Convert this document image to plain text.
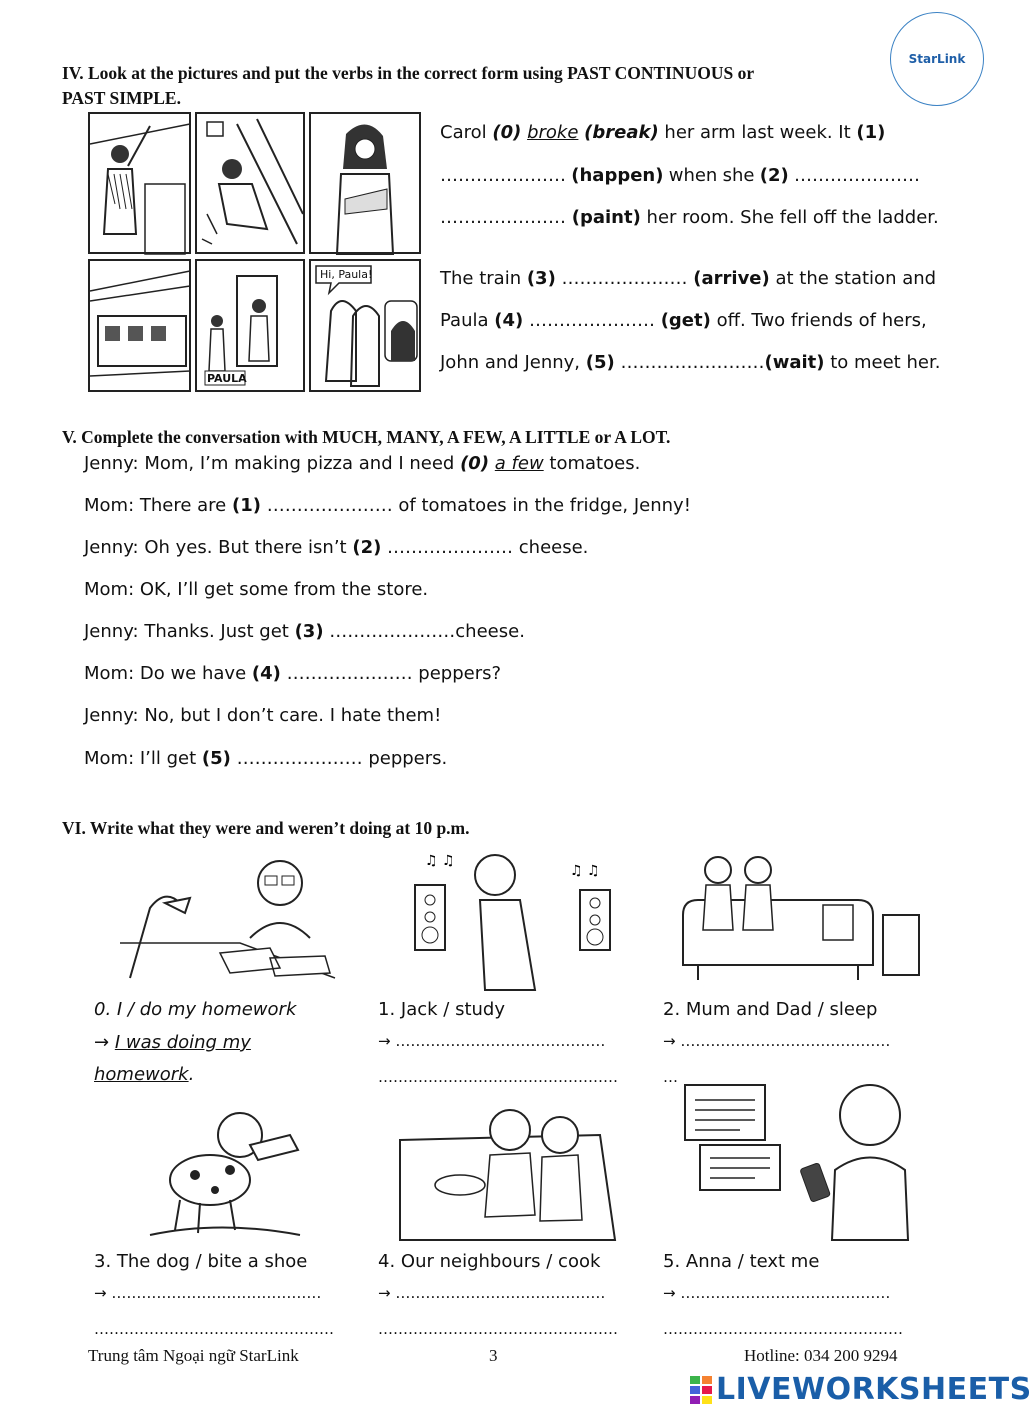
StarLink
IV. Look at the pictures and put the verbs in the correct form using PAST CONTINUOUS or
PAST SIMPLE.
PAULA
Hi, Paula!
Carol (0) broke (break) her arm last week. It (1)
………………… (happen) when she (2) …………………
………………… (paint) her room. She fell off the ladder.
The train (3) ………………… (arrive) at the station and
Paula (4) ………………… (get) off. Two friends of hers,
John and Jenny, (5) ……………………(wait) to meet her.
V. Complete the conversation with MUCH, MANY, A FEW, A LITTLE or A LOT.
Jenny: Mom, I’m making pizza and I need (0) a few tomatoes.
Mom: There are (1) ………………… of tomatoes in the fridge, Jenny!
Jenny: Oh yes. But there isn’t (2) ………………… cheese.
Mom: OK, I’ll get some from the store.
Jenny: Thanks. Just get (3) …………………cheese.
Mom: Do we have (4) ………………… peppers?
Jenny: No, but I don’t care. I hate them!
Mom: I’ll get (5) ………………… peppers.
VI. Write what they were and weren’t doing at 10 p.m.
♫ ♫
♫ ♫
0. I / do my homework
→ I was doing my
homework.
1. Jack / study
→ ……………………………………
…………………………………………
2. Mum and Dad / sleep
→ ……………………………………
…
3. The dog / bite a shoe
→ ……………………………………
…………………………………………
4. Our neighbours / cook
→ ……………………………………
…………………………………………
5. Anna / text me
→ ……………………………………
…………………………………………
Trung tâm Ngoại ngữ StarLink	3	Hotline: 034 200 9294
LIVEWORKSHEETS
